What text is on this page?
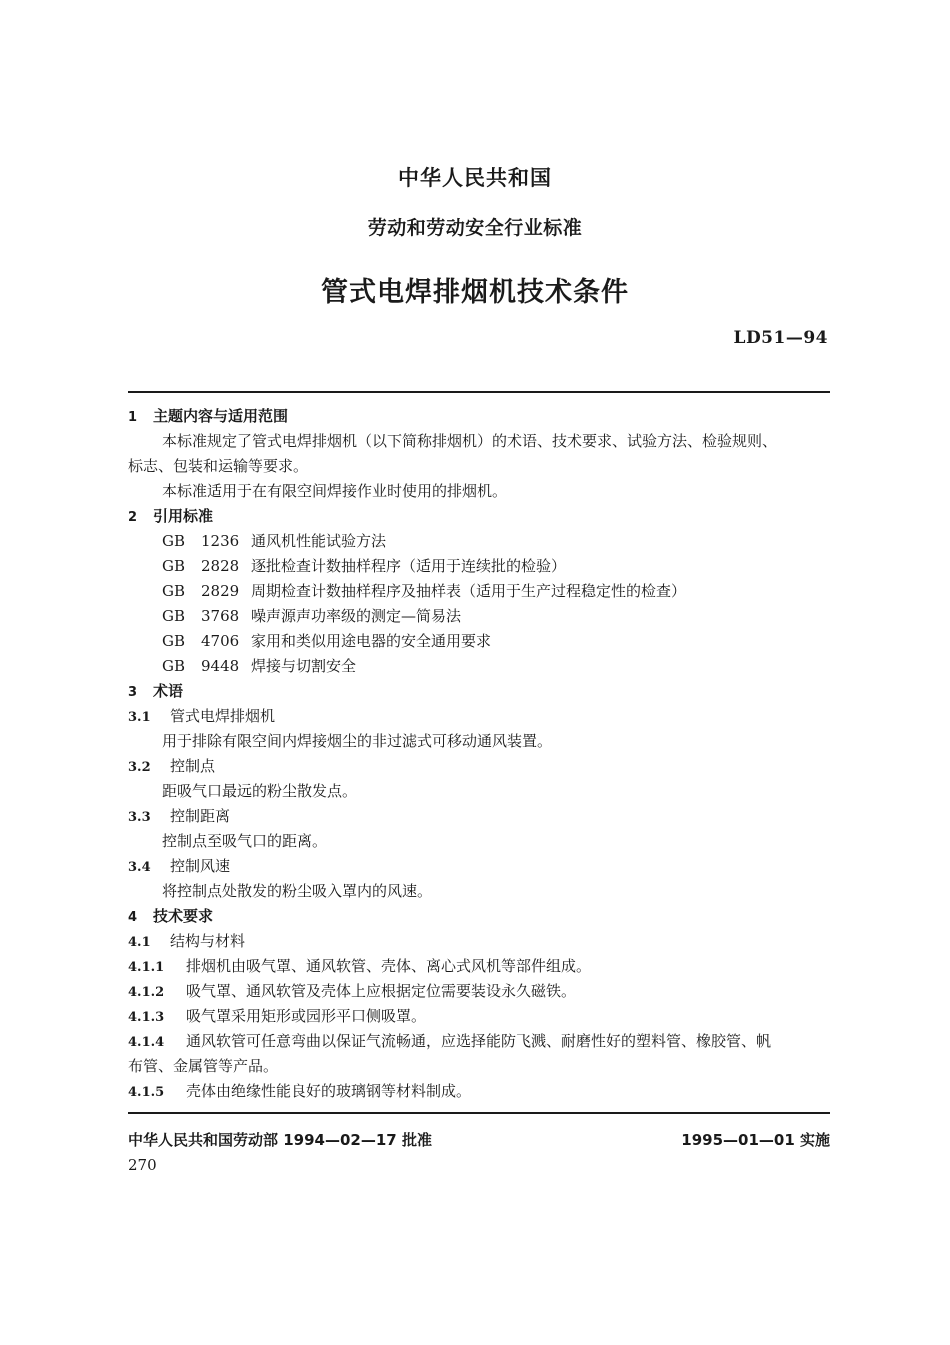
中华人民共和国
劳动和劳动安全行业标准
管式电焊排烟机技术条件
LD51—94
1 主题内容与适用范围
本标准规定了管式电焊排烟机（以下简称排烟机）的术语、技术要求、试验方法、检验规则、
标志、包装和运输等要求。
本标准适用于在有限空间焊接作业时使用的排烟机。
2 引用标准
GB 1236 通风机性能试验方法
GB 2828 逐批检查计数抽样程序（适用于连续批的检验）
GB 2829 周期检查计数抽样程序及抽样表（适用于生产过程稳定性的检查）
GB 3768 噪声源声功率级的测定—简易法
GB 4706 家用和类似用途电器的安全通用要求
GB 9448 焊接与切割安全
3 术语
3.1 管式电焊排烟机
用于排除有限空间内焊接烟尘的非过滤式可移动通风装置。
3.2 控制点
距吸气口最远的粉尘散发点。
3.3 控制距离
控制点至吸气口的距离。
3.4 控制风速
将控制点处散发的粉尘吸入罩内的风速。
4 技术要求
4.1 结构与材料
4.1.1 排烟机由吸气罩、通风软管、壳体、离心式风机等部件组成。
4.1.2 吸气罩、通风软管及壳体上应根据定位需要装设永久磁铁。
4.1.3 吸气罩采用矩形或园形平口侧吸罩。
4.1.4 通风软管可任意弯曲以保证气流畅通，应选择能防飞溅、耐磨性好的塑料管、橡胶管、帆
布管、金属管等产品。
4.1.5 壳体由绝缘性能良好的玻璃钢等材料制成。
中华人民共和国劳动部 1994—02—17 批准	1995—01—01 实施
270
